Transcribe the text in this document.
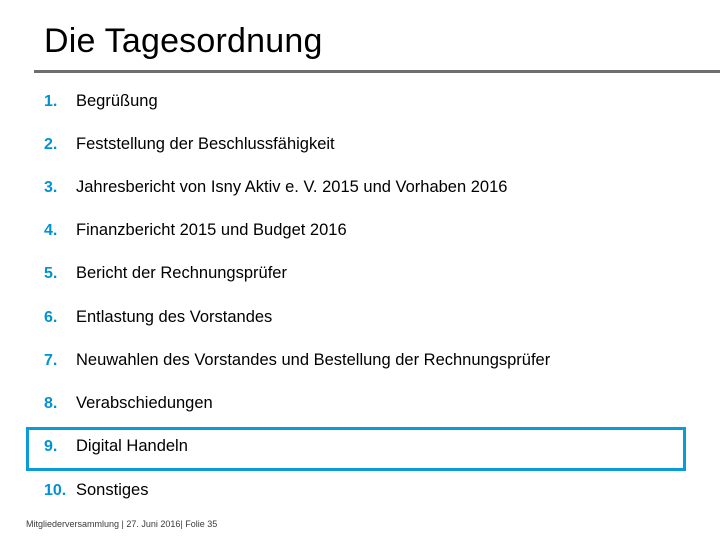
Die Tagesordnung
1. Begrüßung
2. Feststellung der Beschlussfähigkeit
3. Jahresbericht von Isny Aktiv e. V. 2015 und Vorhaben 2016
4. Finanzbericht 2015 und Budget 2016
5. Bericht der Rechnungsprüfer
6. Entlastung des Vorstandes
7. Neuwahlen des Vorstandes und Bestellung der Rechnungsprüfer
8. Verabschiedungen
9. Digital Handeln
10. Sonstiges
Mitgliederversammlung | 27. Juni 2016| Folie 35
